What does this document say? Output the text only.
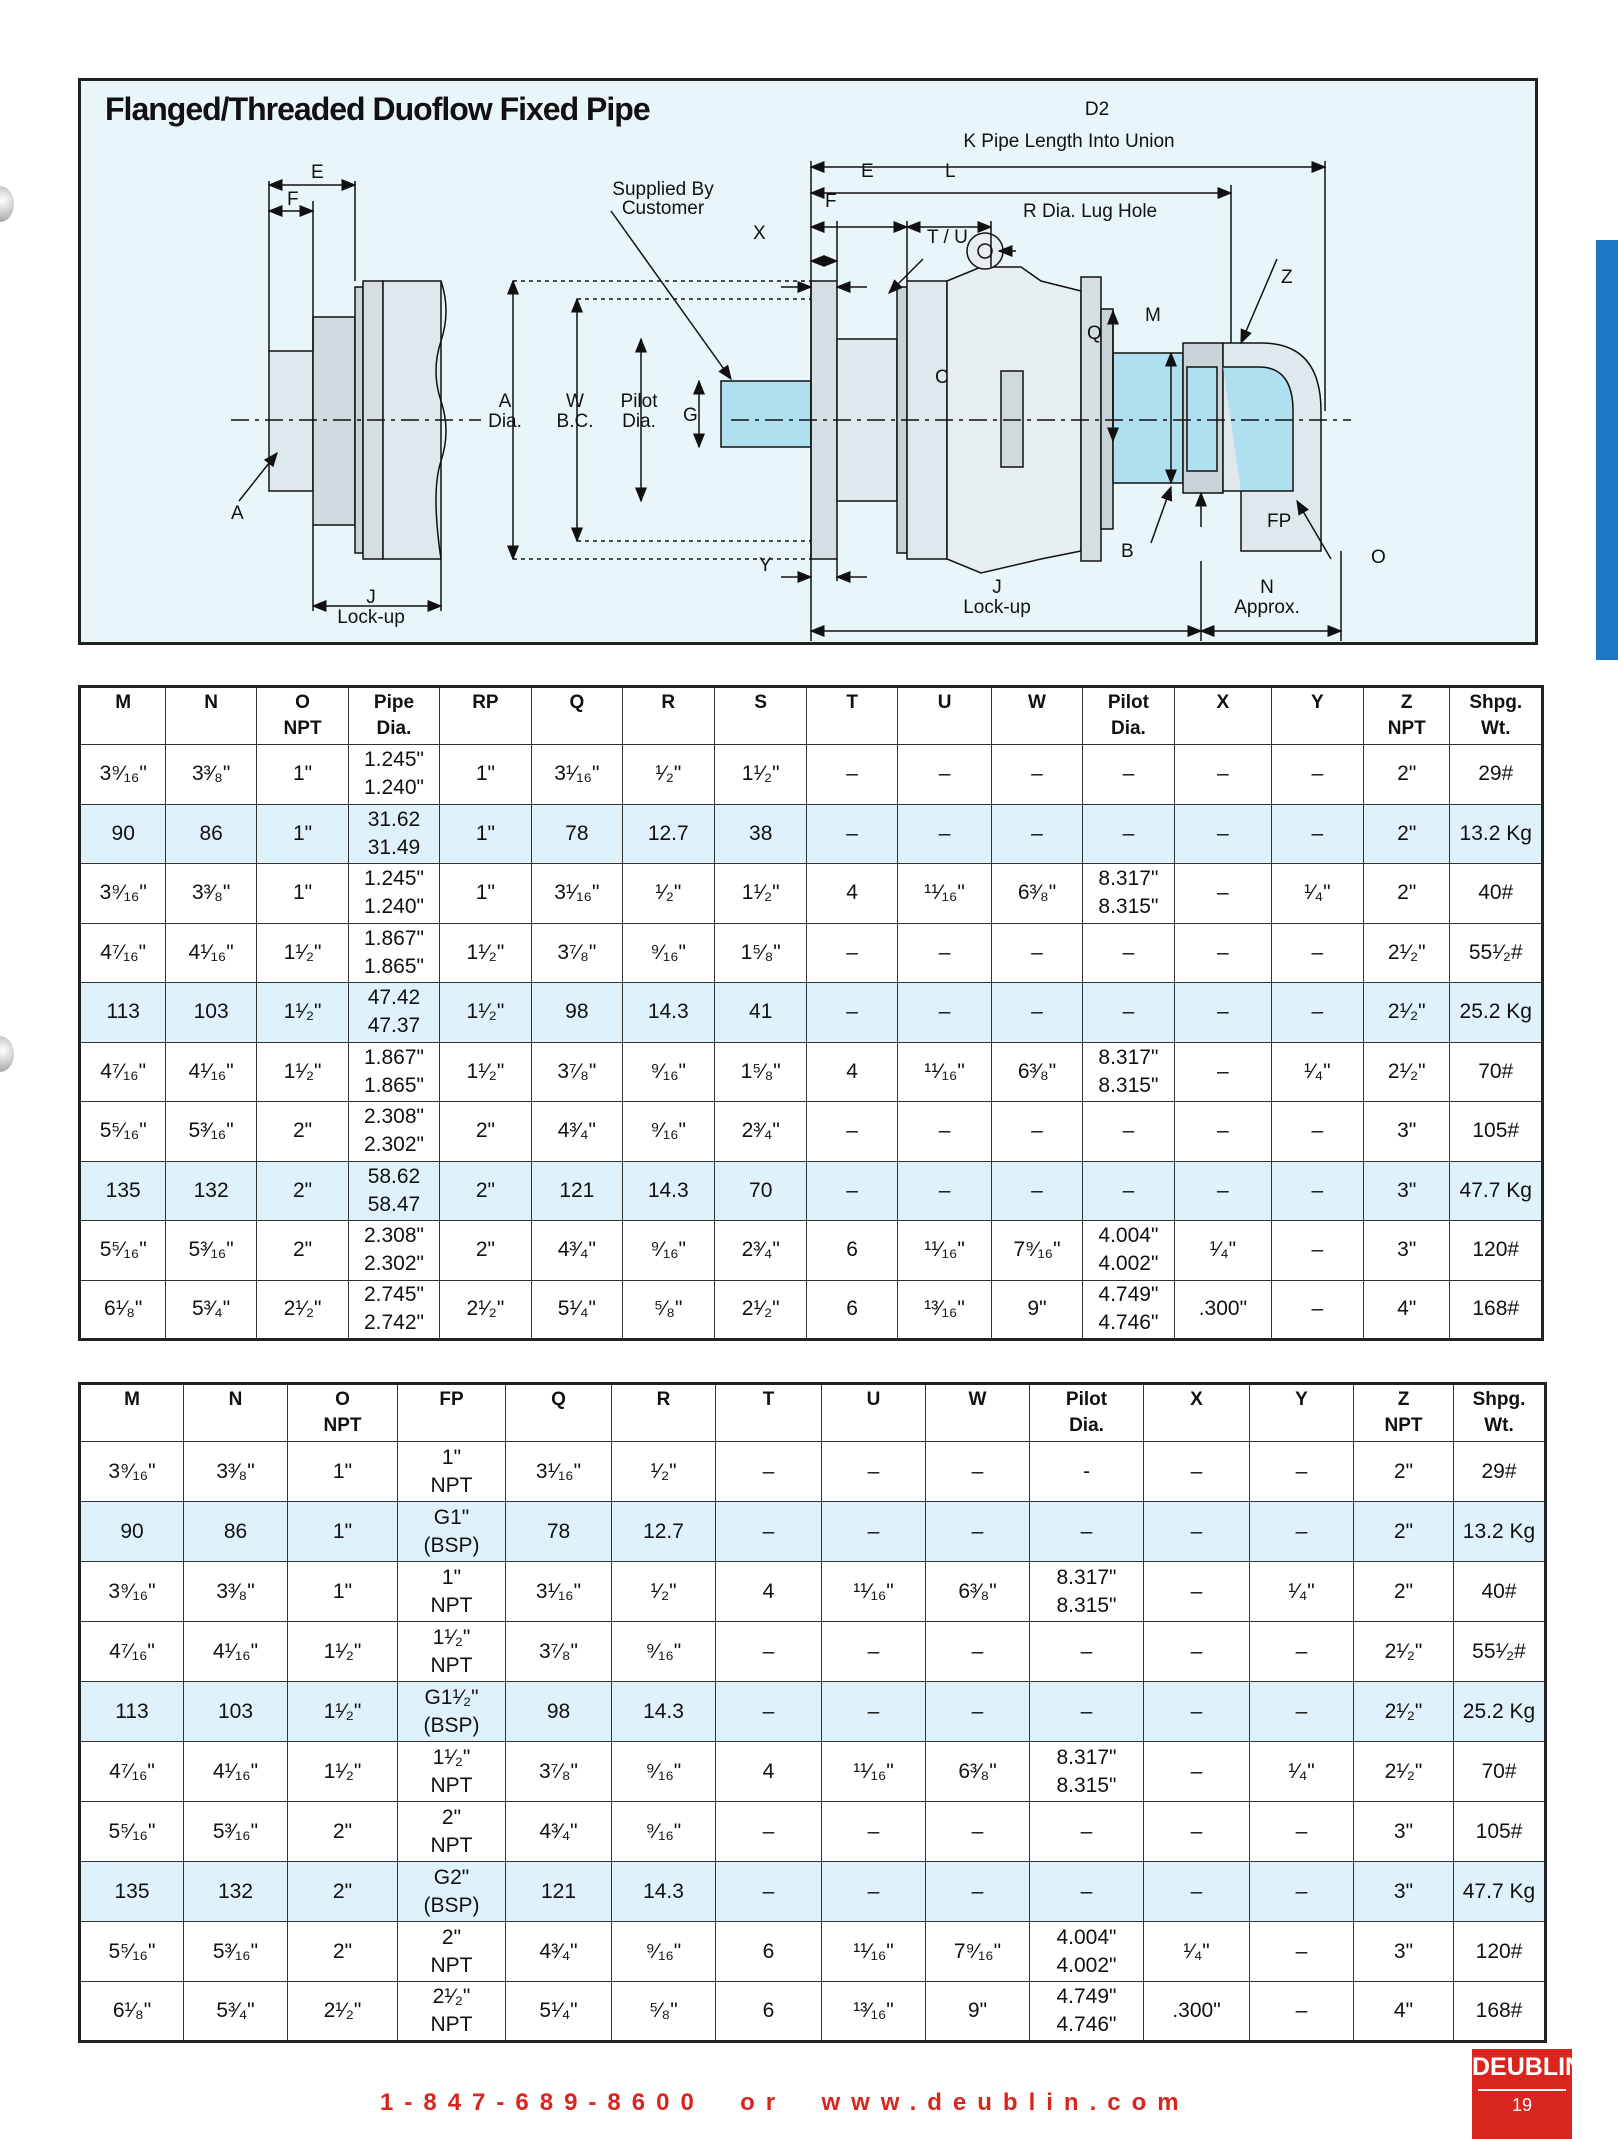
Flanged/Threaded Duoflow Fixed Pipe
E
F
A
J
Lock-up
A
Dia.
W
B.C.
Pilot
Dia. G
Supplied By
Customer
X
F
E	L
T / U
R Dia. Lug Hole
K Pipe Length Into Union
D2
C
Q
M
Z
FP
B	O
Y
J
Lock-up
N
Approx.
M	N	O
NPT	Pipe
Dia.	RP	Q	R	S	T	U	W	Pilot
Dia.	X	Y	Z
NPT	Shpg.
Wt.

3⁹⁄₁₆"	3³⁄₈"	1"	1.245"
1.240"	1"	3¹⁄₁₆"	¹⁄₂"	1¹⁄₂"	–	–	–	–	–	–	2"	29#

90	86	1"	31.62
31.49	1"	78	12.7	38	–	–	–	–	–	–	2"	13.2 Kg

3⁹⁄₁₆"	3³⁄₈"	1"	1.245"
1.240"	1"	3¹⁄₁₆"	¹⁄₂"	1¹⁄₂"	4	¹¹⁄₁₆"	6³⁄₈"	8.317"
8.315"	–	¹⁄₄"	2"	40#

4⁷⁄₁₆"	4¹⁄₁₆"	1¹⁄₂"	1.867"
1.865"	1¹⁄₂"	3⁷⁄₈"	⁹⁄₁₆"	1⁵⁄₈"	–	–	–	–	–	–	2¹⁄₂"	55¹⁄₂#

113	103	1¹⁄₂"	47.42
47.37	1¹⁄₂"	98	14.3	41	–	–	–	–	–	–	2¹⁄₂"	25.2 Kg

4⁷⁄₁₆"	4¹⁄₁₆"	1¹⁄₂"	1.867"
1.865"	1¹⁄₂"	3⁷⁄₈"	⁹⁄₁₆"	1⁵⁄₈"	4	¹¹⁄₁₆"	6³⁄₈"	8.317"
8.315"	–	¹⁄₄"	2¹⁄₂"	70#

5⁵⁄₁₆"	5³⁄₁₆"	2"	2.308"
2.302"	2"	4³⁄₄"	⁹⁄₁₆"	2³⁄₄"	–	–	–	–	–	–	3"	105#

135	132	2"	58.62
58.47	2"	121	14.3	70	–	–	–	–	–	–	3"	47.7 Kg

5⁵⁄₁₆"	5³⁄₁₆"	2"	2.308"
2.302"	2"	4³⁄₄"	⁹⁄₁₆"	2³⁄₄"	6	¹¹⁄₁₆"	7⁹⁄₁₆"	4.004"
4.002"	¹⁄₄"	–	3"	120#

6¹⁄₈"	5³⁄₄"	2¹⁄₂"	2.745"
2.742"	2¹⁄₂"	5¹⁄₄"	⁵⁄₈"	2¹⁄₂"	6	¹³⁄₁₆"	9"	4.749"
4.746"	.300"	–	4"	168#
M	N	O
NPT	FP	Q	R	T	U	W	Pilot
Dia.	X	Y	Z
NPT	Shpg.
Wt.

3⁹⁄₁₆"	3³⁄₈"	1"	1"
NPT	3¹⁄₁₆"	¹⁄₂"	–	–	–	-	–	–	2"	29#

90	86	1"	G1"
(BSP)	78	12.7	–	–	–	–	–	–	2"	13.2 Kg

3⁹⁄₁₆"	3³⁄₈"	1"	1"
NPT	3¹⁄₁₆"	¹⁄₂"	4	¹¹⁄₁₆"	6³⁄₈"	8.317"
8.315"	–	¹⁄₄"	2"	40#

4⁷⁄₁₆"	4¹⁄₁₆"	1¹⁄₂"	1¹⁄₂"
NPT	3⁷⁄₈"	⁹⁄₁₆"	–	–	–	–	–	–	2¹⁄₂"	55¹⁄₂#

113	103	1¹⁄₂"	G1¹⁄₂"
(BSP)	98	14.3	–	–	–	–	–	–	2¹⁄₂"	25.2 Kg

4⁷⁄₁₆"	4¹⁄₁₆"	1¹⁄₂"	1¹⁄₂"
NPT	3⁷⁄₈"	⁹⁄₁₆"	4	¹¹⁄₁₆"	6³⁄₈"	8.317"
8.315"	–	¹⁄₄"	2¹⁄₂"	70#

5⁵⁄₁₆"	5³⁄₁₆"	2"	2"
NPT	4³⁄₄"	⁹⁄₁₆"	–	–	–	–	–	–	3"	105#

135	132	2"	G2"
(BSP)	121	14.3	–	–	–	–	–	–	3"	47.7 Kg

5⁵⁄₁₆"	5³⁄₁₆"	2"	2"
NPT	4³⁄₄"	⁹⁄₁₆"	6	¹¹⁄₁₆"	7⁹⁄₁₆"	4.004"
4.002"	¹⁄₄"	–	3"	120#

6¹⁄₈"	5³⁄₄"	2¹⁄₂"	2¹⁄₂"
NPT	5¹⁄₄"	⁵⁄₈"	6	¹³⁄₁₆"	9"	4.749"
4.746"	.300"	–	4"	168#
1-847-689-8600  or  www.deublin.com
DEUBLIN
19
